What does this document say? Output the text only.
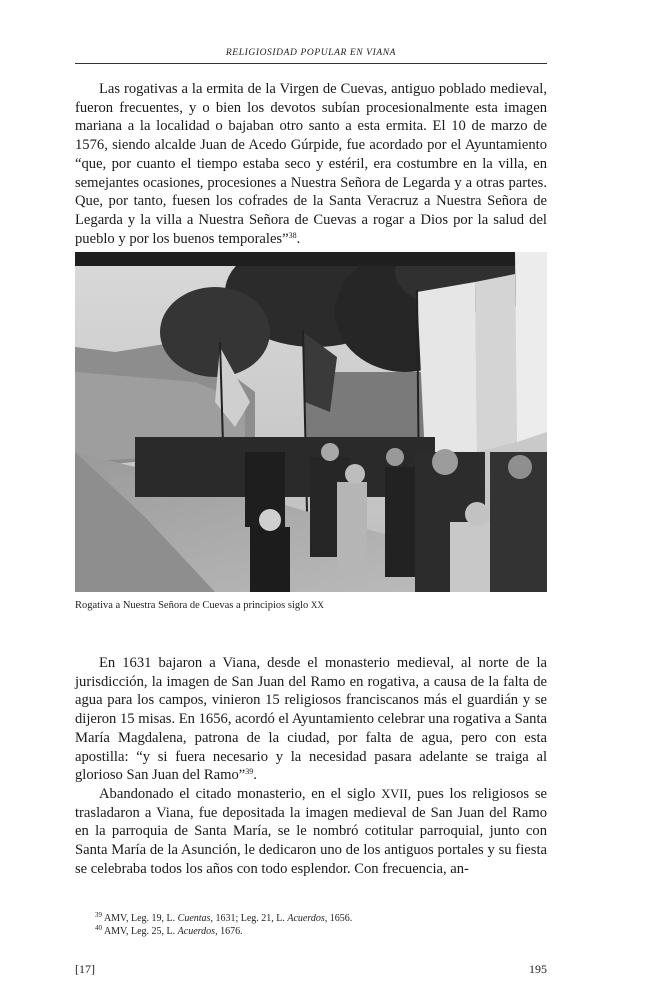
RELIGIOSIDAD POPULAR EN VIANA

Las rogativas a la ermita de la Virgen de Cuevas, antiguo poblado medieval, fueron frecuentes, y o bien los devotos subían procesionalmente esta imagen mariana a la localidad o bajaban otro santo a esta ermita. El 10 de marzo de 1576, siendo alcalde Juan de Acedo Gúrpide, fue acordado por el Ayuntamiento “que, por cuanto el tiempo estaba seco y estéril, era costumbre en la villa, en semejantes ocasiones, procesiones a Nuestra Señora de Legarda y a otras partes. Que, por tanto, fuesen los cofrades de la Santa Veracruz a Nuestra Señora de Legarda y la villa a Nuestra Señora de Cuevas a rogar a Dios por la salud del pueblo y por los buenos temporales”$^{38}$.

Rogativa a Nuestra Señora de Cuevas a principios siglo XX

En 1631 bajaron a Viana, desde el monasterio medieval, al norte de la jurisdicción, la imagen de San Juan del Ramo en rogativa, a causa de la falta de agua para los campos, vinieron 15 religiosos franciscanos más el guardián y se dijeron 15 misas. En 1656, acordó el Ayuntamiento celebrar una rogativa a Santa María Magdalena, patrona de la ciudad, por falta de agua, pero con esta apostilla: “y si fuera necesario y la necesidad pasara adelante se traiga al glorioso San Juan del Ramo”$^{39}$.

Abandonado el citado monasterio, en el siglo XVII, pues los religiosos se trasladaron a Viana, fue depositada la imagen medieval de San Juan del Ramo en la parroquia de Santa María, se le nombró cotitular parroquial, junto con Santa María de la Asunción, le dedicaron uno de los antiguos portales y su fiesta se celebraba todos los años con todo esplendor. Con frecuencia, an-

$^{39}$ AMV, Leg. 19, L. Cuentas, 1631; Leg. 21, L. Acuerdos, 1656.

$^{40}$ AMV, Leg. 25, L. Acuerdos, 1676.

[17]	195
